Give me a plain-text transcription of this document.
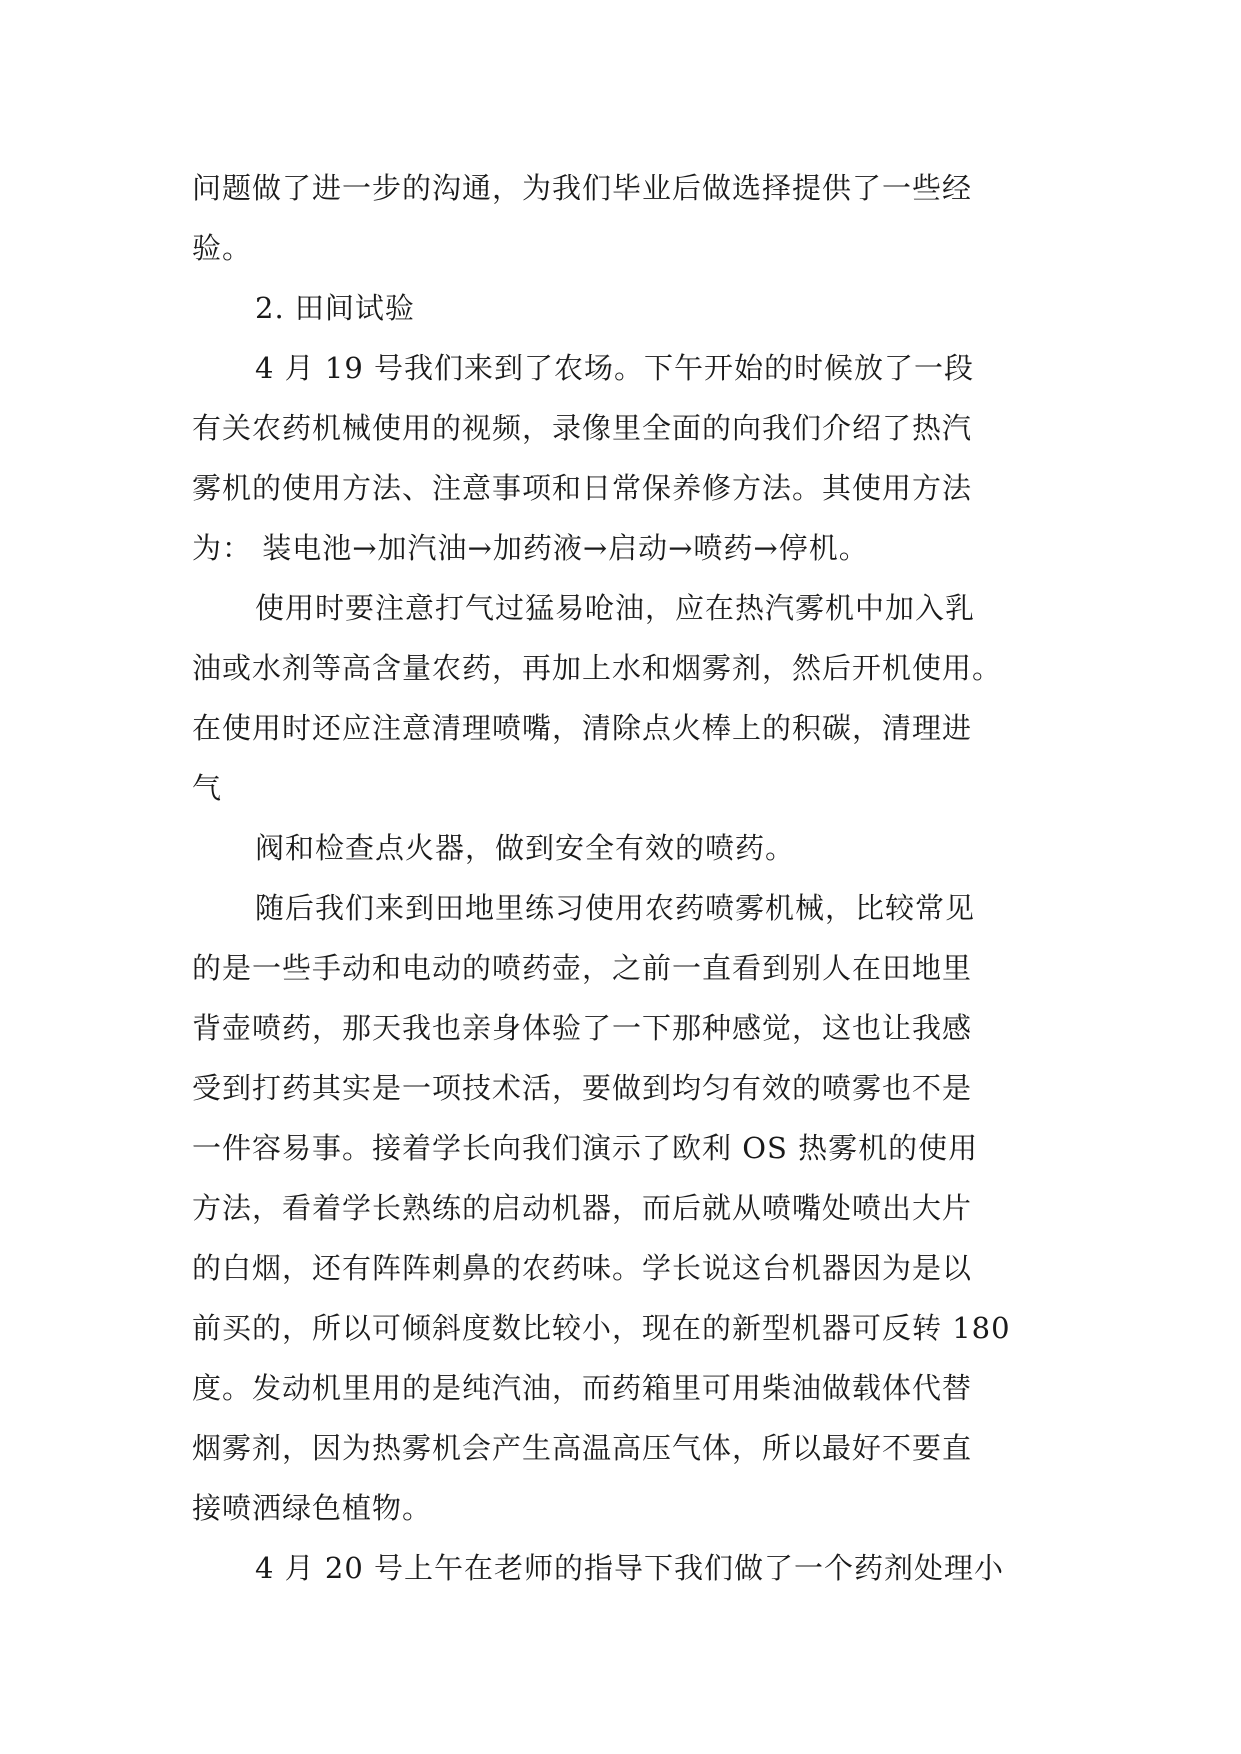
问题做了进一步的沟通，为我们毕业后做选择提供了一些经
验。
2. 田间试验
4 月 19 号我们来到了农场。下午开始的时候放了一段
有关农药机械使用的视频，录像里全面的向我们介绍了热汽
雾机的使用方法、注意事项和日常保养修方法。其使用方法
为： 装电池→加汽油→加药液→启动→喷药→停机。
使用时要注意打气过猛易呛油，应在热汽雾机中加入乳
油或水剂等高含量农药，再加上水和烟雾剂，然后开机使用。
在使用时还应注意清理喷嘴，清除点火棒上的积碳，清理进
气
阀和检查点火器，做到安全有效的喷药。
随后我们来到田地里练习使用农药喷雾机械，比较常见
的是一些手动和电动的喷药壶，之前一直看到别人在田地里
背壶喷药，那天我也亲身体验了一下那种感觉，这也让我感
受到打药其实是一项技术活，要做到均匀有效的喷雾也不是
一件容易事。接着学长向我们演示了欧利 OS 热雾机的使用
方法，看着学长熟练的启动机器，而后就从喷嘴处喷出大片
的白烟，还有阵阵刺鼻的农药味。学长说这台机器因为是以
前买的，所以可倾斜度数比较小，现在的新型机器可反转 180
度。发动机里用的是纯汽油，而药箱里可用柴油做载体代替
烟雾剂，因为热雾机会产生高温高压气体，所以最好不要直
接喷洒绿色植物。
4 月 20 号上午在老师的指导下我们做了一个药剂处理小
